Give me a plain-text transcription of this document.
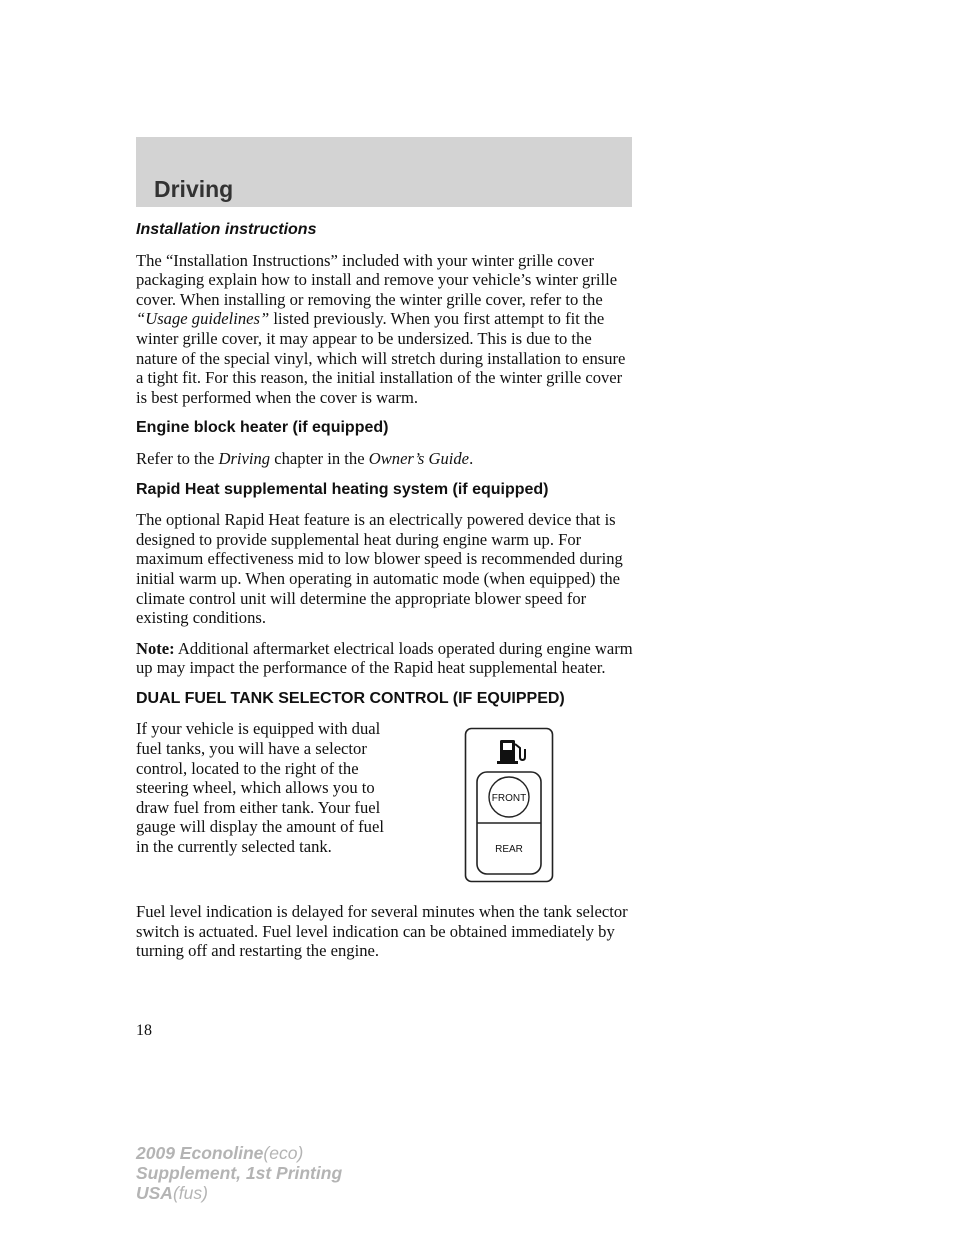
Driving

Installation instructions

The “Installation Instructions” included with your winter grille cover packaging explain how to install and remove your vehicle’s winter grille cover. When installing or removing the winter grille cover, refer to the “Usage guidelines” listed previously. When you first attempt to fit the winter grille cover, it may appear to be undersized. This is due to the nature of the special vinyl, which will stretch during installation to ensure a tight fit. For this reason, the initial installation of the winter grille cover is best performed when the cover is warm.

Engine block heater (if equipped)

Refer to the Driving chapter in the Owner’s Guide.

Rapid Heat supplemental heating system (if equipped)

The optional Rapid Heat feature is an electrically powered device that is designed to provide supplemental heat during engine warm up. For maximum effectiveness mid to low blower speed is recommended during initial warm up. When operating in automatic mode (when equipped) the climate control unit will determine the appropriate blower speed for existing conditions.

Note: Additional aftermarket electrical loads operated during engine warm up may impact the performance of the Rapid heat supplemental heater.

DUAL FUEL TANK SELECTOR CONTROL (IF EQUIPPED)

If your vehicle is equipped with dual fuel tanks, you will have a selector control, located to the right of the steering wheel, which allows you to draw fuel from either tank. Your fuel gauge will display the amount of fuel in the currently selected tank.
FRONT
REAR

Fuel level indication is delayed for several minutes when the tank selector switch is actuated. Fuel level indication can be obtained immediately by turning off and restarting the engine.

18
2009 Econoline(eco)
Supplement, 1st Printing
USA(fus)
